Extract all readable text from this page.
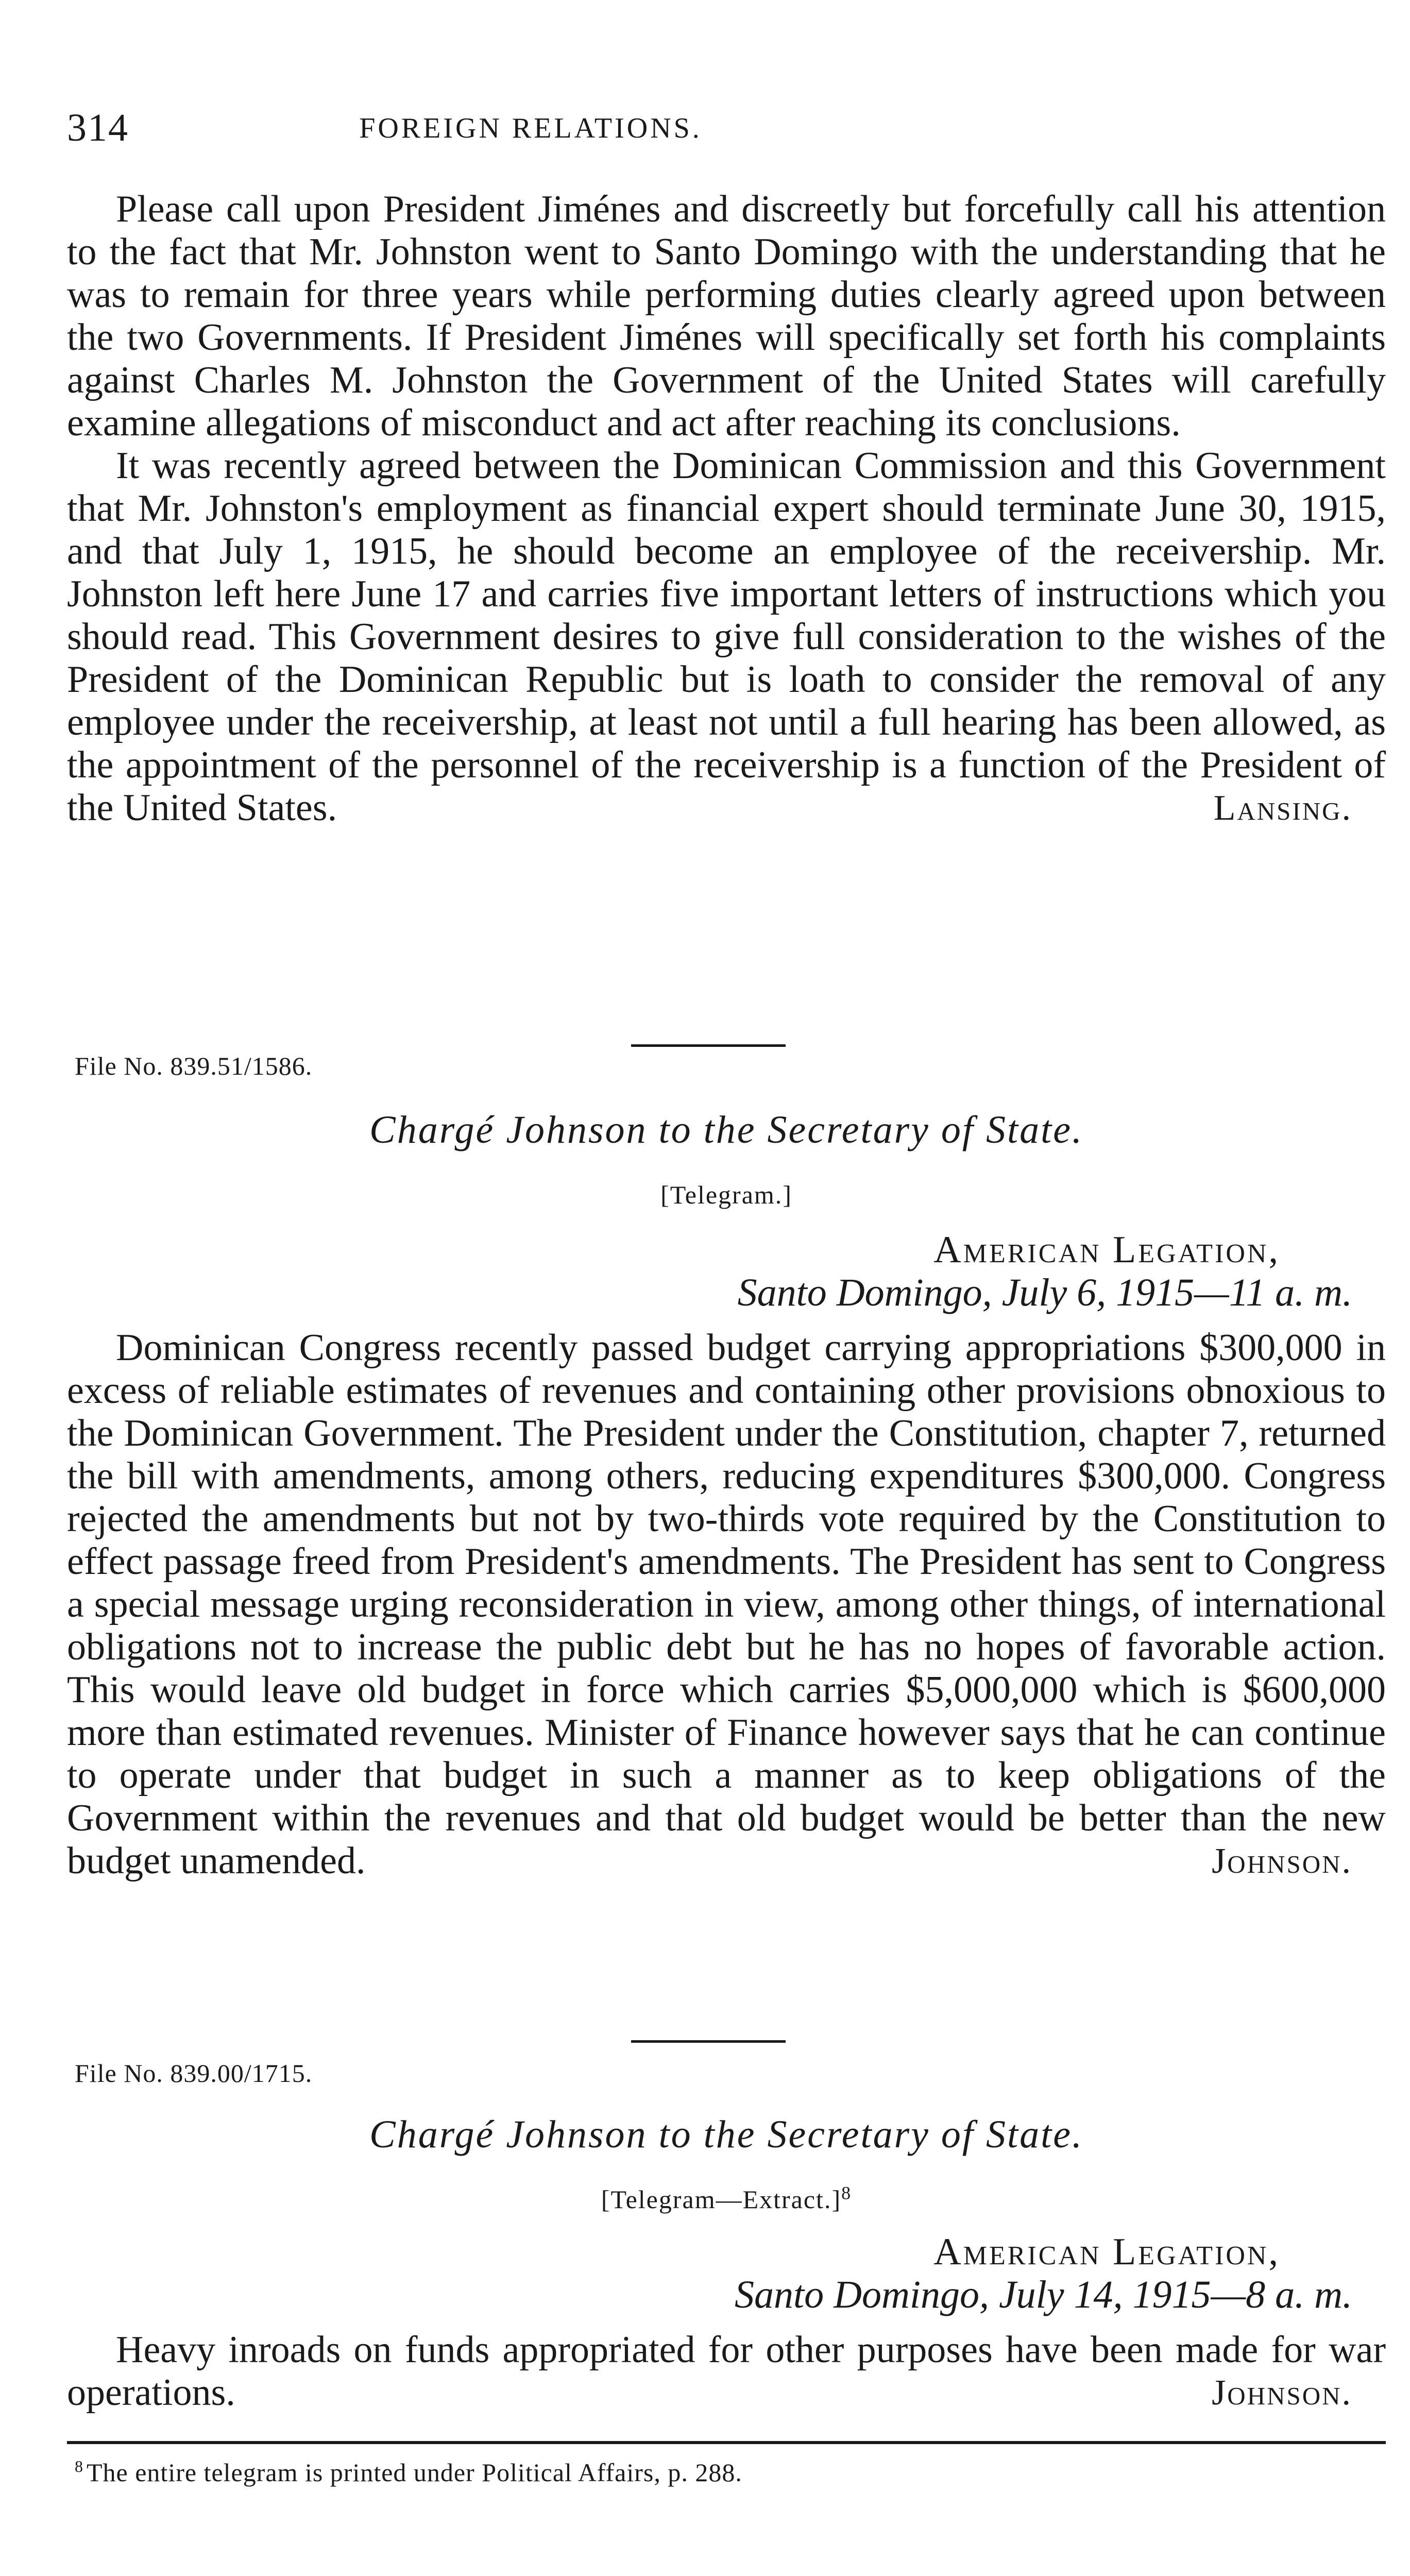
314	FOREIGN RELATIONS.

Please call upon President Jiménes and discreetly but forcefully call his attention to the fact that Mr. Johnston went to Santo Domingo with the understanding that he was to remain for three years while performing duties clearly agreed upon between the two Governments. If President Jiménes will specifically set forth his complaints against Charles M. Johnston the Government of the United States will carefully examine allegations of misconduct and act after reaching its conclusions.

It was recently agreed between the Dominican Commission and this Government that Mr. Johnston's employment as financial expert should terminate June 30, 1915, and that July 1, 1915, he should become an employee of the receivership. Mr. Johnston left here June 17 and carries five important letters of instructions which you should read. This Government desires to give full consideration to the wishes of the President of the Dominican Republic but is loath to consider the removal of any employee under the receivership, at least not until a full hearing has been allowed, as the appointment of the personnel of the receivership is a function of the President of the United States.	Lansing.
File No. 839.51/1586.
Chargé Johnson to the Secretary of State.
[Telegram.]
American Legation,
Santo Domingo, July 6, 1915—11 a. m.

Dominican Congress recently passed budget carrying appropriations $300,000 in excess of reliable estimates of revenues and containing other provisions obnoxious to the Dominican Government. The President under the Constitution, chapter 7, returned the bill with amendments, among others, reducing expenditures $300,000. Congress rejected the amendments but not by two-thirds vote required by the Constitution to effect passage freed from President's amendments. The President has sent to Congress a special message urging reconsideration in view, among other things, of international obligations not to increase the public debt but he has no hopes of favorable action. This would leave old budget in force which carries $5,000,000 which is $600,000 more than estimated revenues. Minister of Finance however says that he can continue to operate under that budget in such a manner as to keep obligations of the Government within the revenues and that old budget would be better than the new budget unamended.	Johnson.
File No. 839.00/1715.
Chargé Johnson to the Secretary of State.
[Telegram—Extract.]$^8$
American Legation,
Santo Domingo, July 14, 1915—8 a. m.

Heavy inroads on funds appropriated for other purposes have been made for war operations.	Johnson.
$^8$ The entire telegram is printed under Political Affairs, p. 288.
